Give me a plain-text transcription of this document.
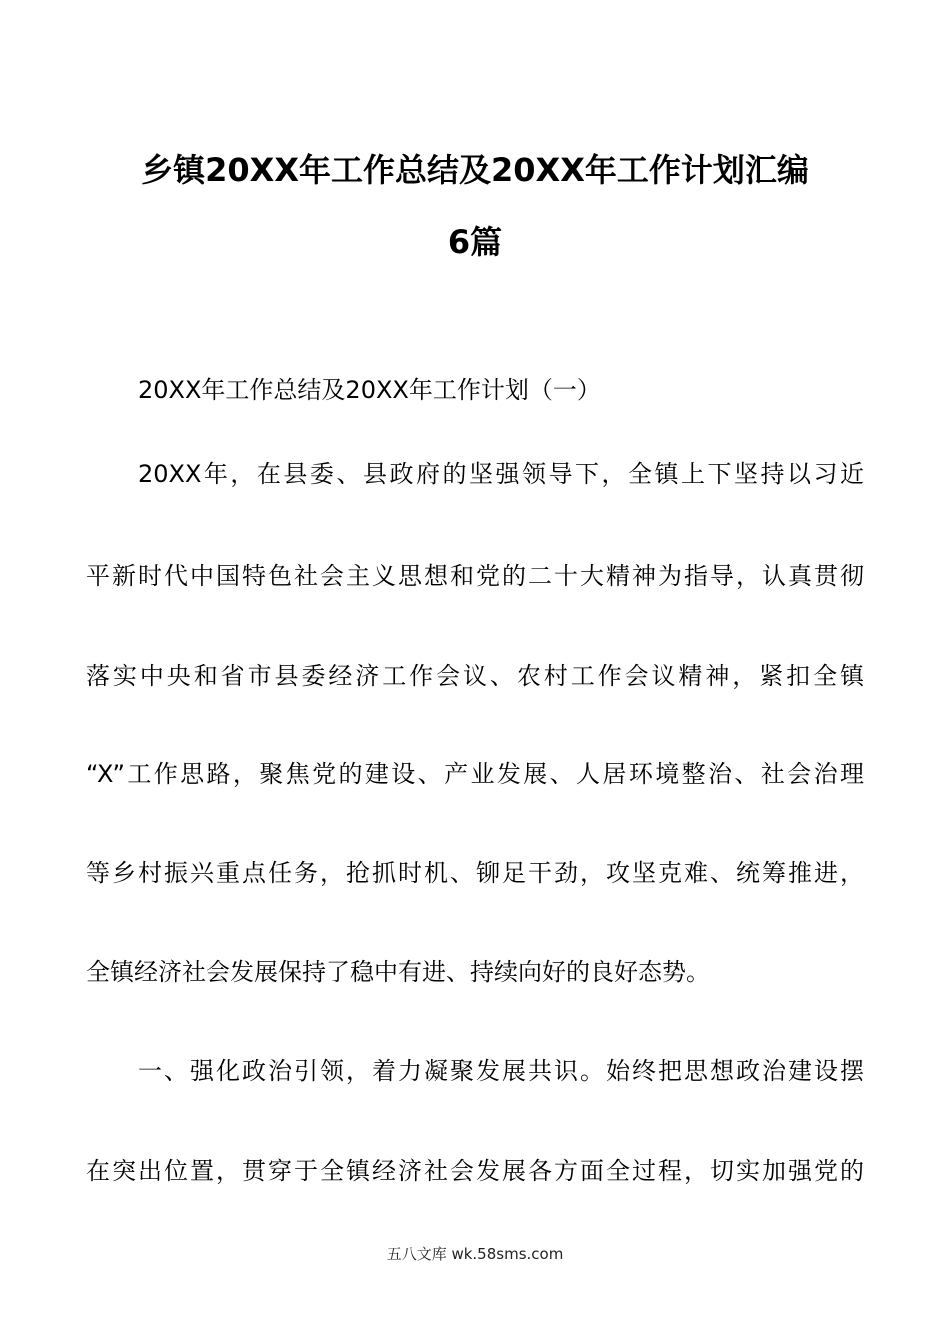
乡镇20XX年工作总结及20XX年工作计划汇编
6篇
20XX年工作总结及20XX年工作计划（一）
20XX年，在县委、县政府的坚强领导下，全镇上下坚持以习近
平新时代中国特色社会主义思想和党的二十大精神为指导，认真贯彻
落实中央和省市县委经济工作会议、农村工作会议精神，紧扣全镇
“X”工作思路，聚焦党的建设、产业发展、人居环境整治、社会治理
等乡村振兴重点任务，抢抓时机、铆足干劲，攻坚克难、统筹推进，
全镇经济社会发展保持了稳中有进、持续向好的良好态势。
一、强化政治引领，着力凝聚发展共识。始终把思想政治建设摆
在突出位置，贯穿于全镇经济社会发展各方面全过程，切实加强党的
五八文库 wk.58sms.com
